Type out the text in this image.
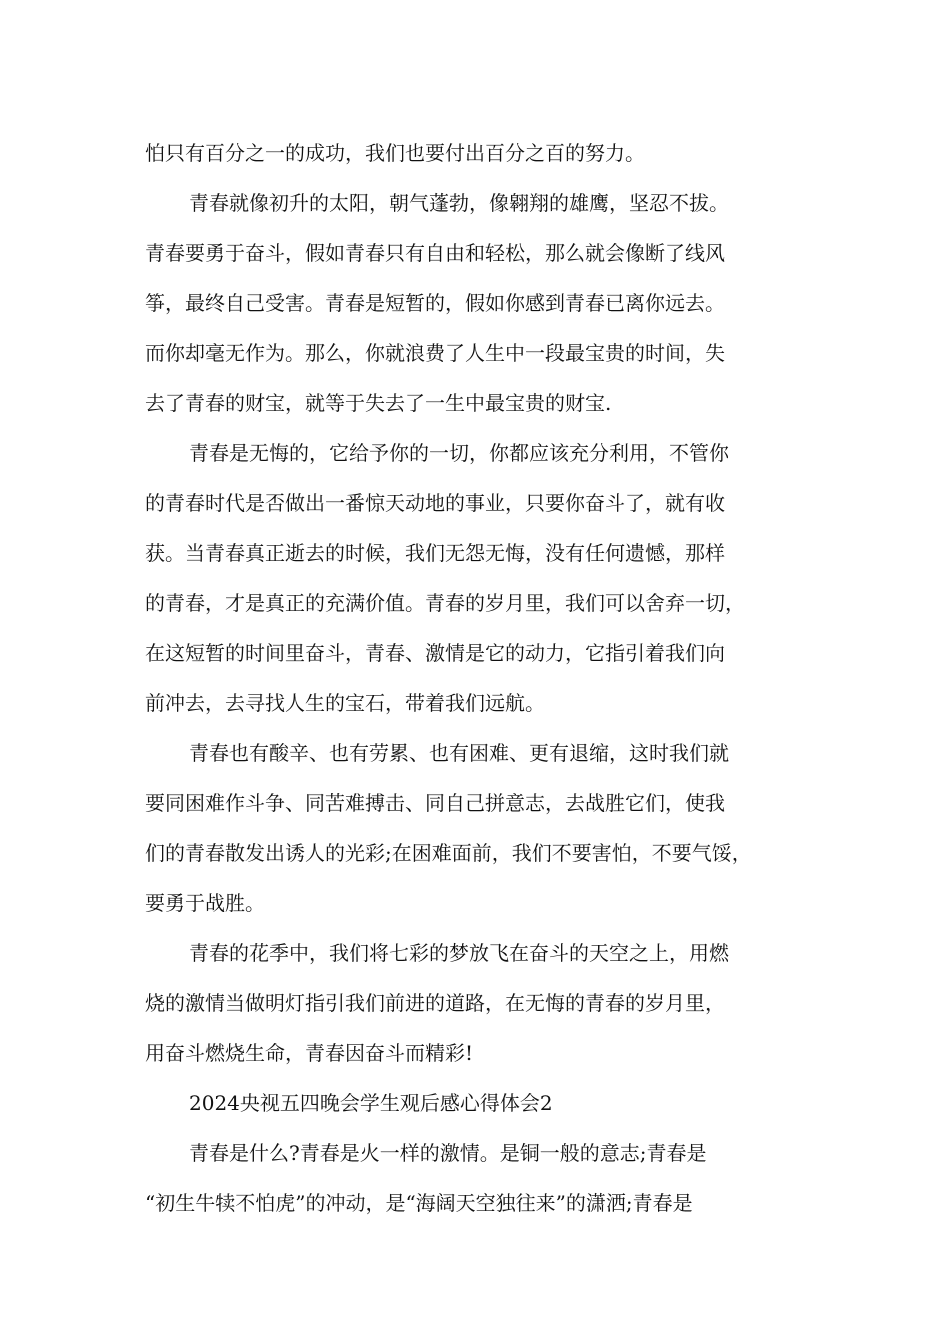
怕只有百分之一的成功，我们也要付出百分之百的努力。
青春就像初升的太阳，朝气蓬勃，像翱翔的雄鹰，坚忍不拔。
青春要勇于奋斗，假如青春只有自由和轻松，那么就会像断了线风
筝，最终自己受害。青春是短暂的，假如你感到青春已离你远去。
而你却毫无作为。那么，你就浪费了人生中一段最宝贵的时间，失
去了青春的财宝，就等于失去了一生中最宝贵的财宝.
青春是无悔的，它给予你的一切，你都应该充分利用，不管你
的青春时代是否做出一番惊天动地的事业，只要你奋斗了，就有收
获。当青春真正逝去的时候，我们无怨无悔，没有任何遗憾，那样
的青春，才是真正的充满价值。青春的岁月里，我们可以舍弃一切，
在这短暂的时间里奋斗，青春、激情是它的动力，它指引着我们向
前冲去，去寻找人生的宝石，带着我们远航。
青春也有酸辛、也有劳累、也有困难、更有退缩，这时我们就
要同困难作斗争、同苦难搏击、同自己拼意志，去战胜它们，使我
们的青春散发出诱人的光彩;在困难面前，我们不要害怕，不要气馁，
要勇于战胜。
青春的花季中，我们将七彩的梦放飞在奋斗的天空之上，用燃
烧的激情当做明灯指引我们前进的道路，在无悔的青春的岁月里，
用奋斗燃烧生命，青春因奋斗而精彩!
2024央视五四晚会学生观后感心得体会2
青春是什么?青春是火一样的激情。是铜一般的意志;青春是
“初生牛犊不怕虎”的冲动，是“海阔天空独往来”的潇洒;青春是
